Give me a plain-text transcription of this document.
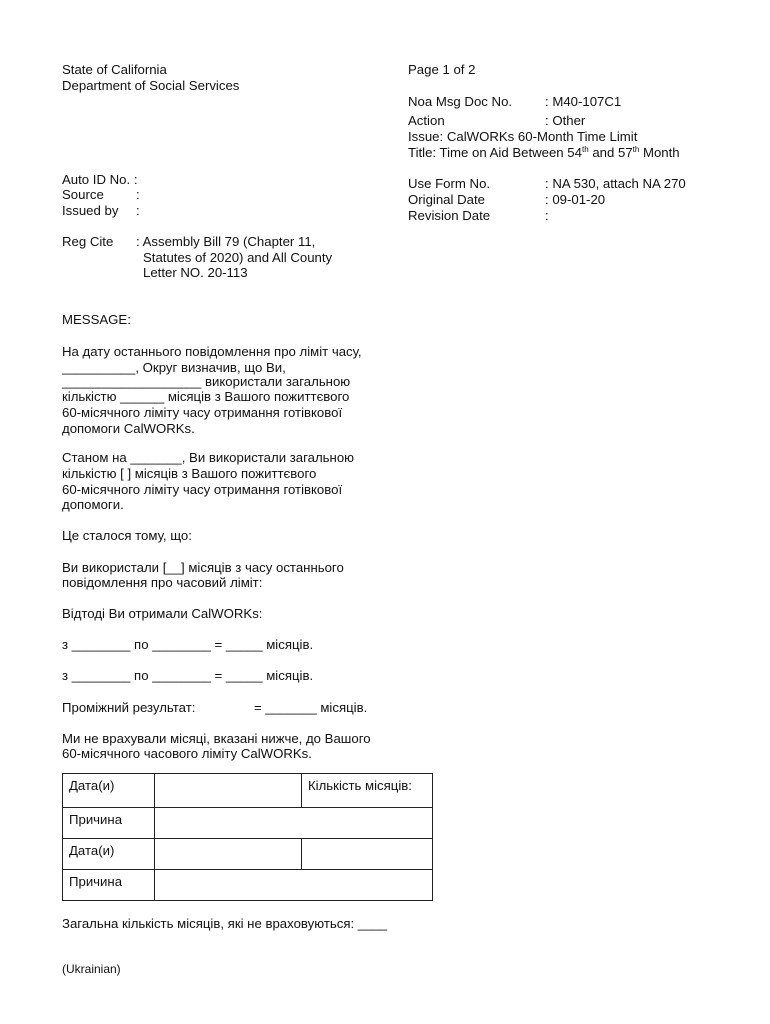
State of California
Department of Social Services
Page 1 of 2
Noa Msg Doc No. : M40-107C1
Action	: Other
Issue: CalWORKs 60-Month Time Limit
Title: Time on Aid Between 54th and 57th Month
Use Form No.	: NA 530, attach NA 270
Original Date	: 09-01-20
Revision Date	:
Auto ID No. :
Source :
Issued by :
Reg Cite : Assembly Bill 79 (Chapter 11,
Statutes of 2020) and All County
Letter NO. 20-113
MESSAGE:
На дату останнього повідомлення про ліміт часу,
__________, Округ визначив, що Ви,
___________________ використали загальною
кількістю ______ місяців з Вашого пожиттєвого
60-місячного ліміту часу отримання готівкової
допомоги CalWORKs.
Станом на _______, Ви використали загальною
кількістю [ ] місяців з Вашого пожиттєвого
60-місячного ліміту часу отримання готівкової
допомоги.
Це сталося тому, що:
Ви використали [__] місяців з часу останнього
повідомлення про часовий ліміт:
Відтоді Ви отримали CalWORKs:
з ________ по ________ = _____ місяців.
з ________ по ________ = _____ місяців.
Проміжний результат:	= _______ місяців.
Ми не врахували місяці, вказані нижче, до Вашого
60-місячного часового ліміту CalWORKs.
Дата(и)		Кількість місяців:
Причина		
Дата(и)		
Причина		
Загальна кількість місяців, які не враховуються: ____
(Ukrainian)
